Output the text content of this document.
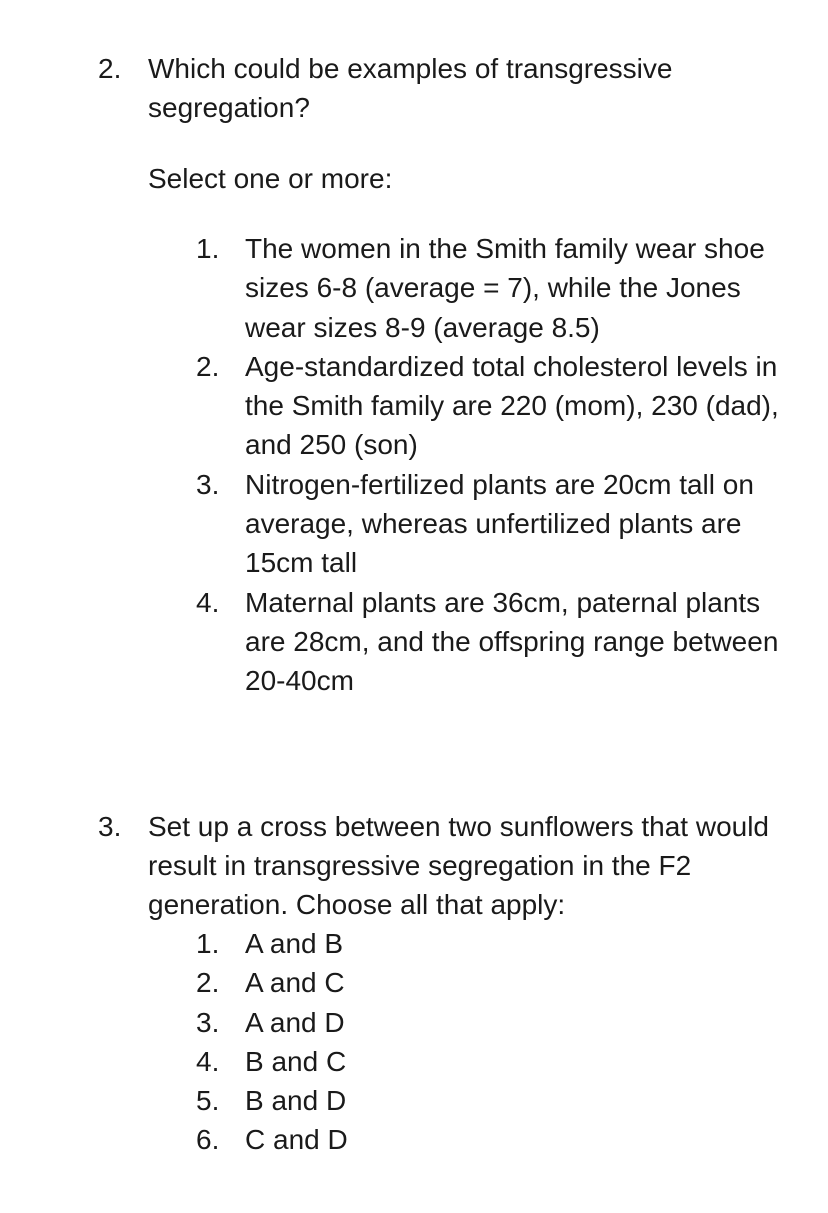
2. Which could be examples of transgressive segregation?
Select one or more:
1. The women in the Smith family wear shoe sizes 6-8 (average = 7), while the Jones wear sizes 8-9 (average 8.5)
2. Age-standardized total cholesterol levels in the Smith family are 220 (mom), 230 (dad), and 250 (son)
3. Nitrogen-fertilized plants are 20cm tall on average, whereas unfertilized plants are 15cm tall
4. Maternal plants are 36cm, paternal plants are 28cm, and the offspring range between 20-40cm
3. Set up a cross between two sunflowers that would result in transgressive segregation in the F2 generation. Choose all that apply:
1. A and B
2. A and C
3. A and D
4. B and C
5. B and D
6. C and D
